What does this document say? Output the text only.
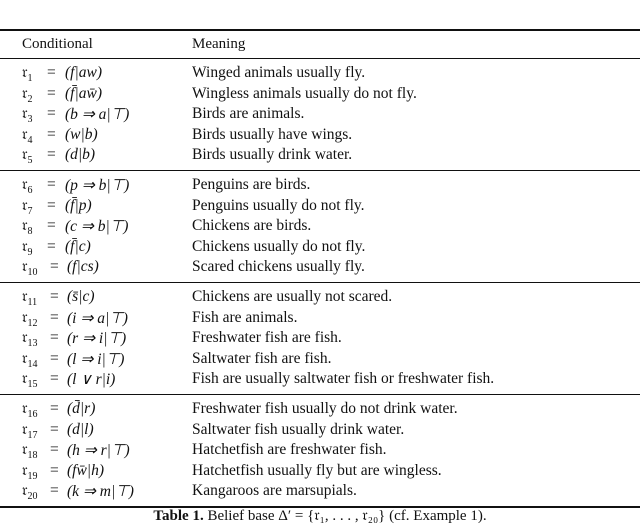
Conditional	Meaning
𝔯$_1$ = (f|aw)	Winged animals usually fly.
𝔯$_2$ = (f̄|aw̄)	Wingless animals usually do not fly.
𝔯$_3$ = (b ⇒ a|⊤)	Birds are animals.
𝔯$_4$ = (w|b)	Birds usually have wings.
𝔯$_5$ = (d|b)	Birds usually drink water.
𝔯$_6$ = (p ⇒ b|⊤)	Penguins are birds.
𝔯$_7$ = (f̄|p)	Penguins usually do not fly.
𝔯$_8$ = (c ⇒ b|⊤)	Chickens are birds.
𝔯$_9$ = (f̄|c)	Chickens usually do not fly.
𝔯$_{10}$ = (f|cs)	Scared chickens usually fly.
𝔯$_{11}$ = (s̄|c)	Chickens are usually not scared.
𝔯$_{12}$ = (i ⇒ a|⊤)	Fish are animals.
𝔯$_{13}$ = (r ⇒ i|⊤)	Freshwater fish are fish.
𝔯$_{14}$ = (l ⇒ i|⊤)	Saltwater fish are fish.
𝔯$_{15}$ = (l ∨ r|i)	Fish are usually saltwater fish or freshwater fish.
𝔯$_{16}$ = (d̄|r)	Freshwater fish usually do not drink water.
𝔯$_{17}$ = (d|l)	Saltwater fish usually drink water.
𝔯$_{18}$ = (h ⇒ r|⊤)	Hatchetfish are freshwater fish.
𝔯$_{19}$ = (fw̄|h)	Hatchetfish usually fly but are wingless.
𝔯$_{20}$ = (k ⇒ m|⊤)	Kangaroos are marsupials.
Table 1. Belief base Δ′ = {𝔯₁, . . . , 𝔯₂₀} (cf. Example 1).
